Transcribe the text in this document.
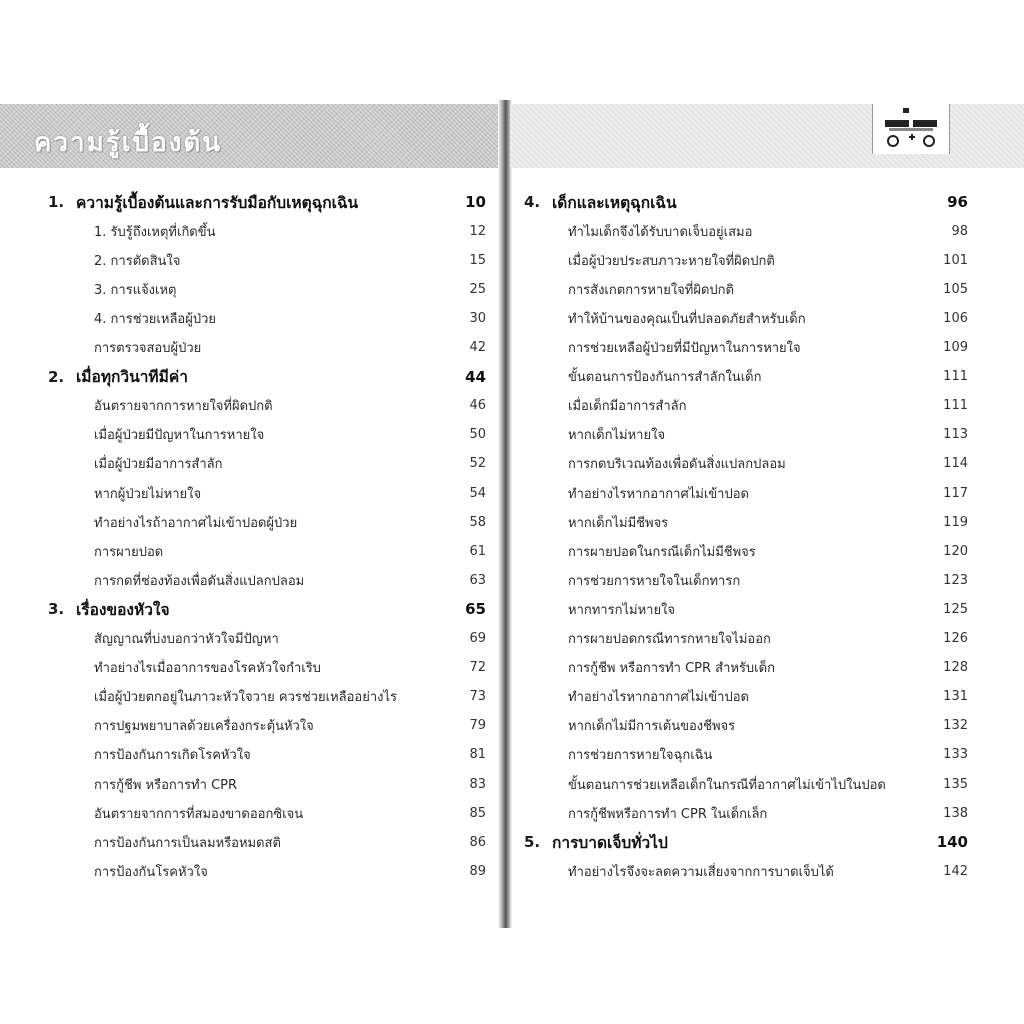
ความรู้เบื้องต้น
1. ความรู้เบื้องต้นและการรับมือกับเหตุฉุกเฉิน	10
1. รับรู้ถึงเหตุที่เกิดขึ้น	12
2. การตัดสินใจ	15
3. การแจ้งเหตุ	25
4. การช่วยเหลือผู้ป่วย	30
การตรวจสอบผู้ป่วย	42
2. เมื่อทุกวินาทีมีค่า	44
อันตรายจากการหายใจที่ผิดปกติ	46
เมื่อผู้ป่วยมีปัญหาในการหายใจ	50
เมื่อผู้ป่วยมีอาการสำลัก	52
หากผู้ป่วยไม่หายใจ	54
ทำอย่างไรถ้าอากาศไม่เข้าปอดผู้ป่วย	58
การผายปอด	61
การกดที่ช่องท้องเพื่อดันสิ่งแปลกปลอม	63
3. เรื่องของหัวใจ	65
สัญญาณที่บ่งบอกว่าหัวใจมีปัญหา	69
ทำอย่างไรเมื่ออาการของโรคหัวใจกำเริบ	72
เมื่อผู้ป่วยตกอยู่ในภาวะหัวใจวาย ควรช่วยเหลืออย่างไร	73
การปฐมพยาบาลด้วยเครื่องกระตุ้นหัวใจ	79
การป้องกันการเกิดโรคหัวใจ	81
การกู้ชีพ หรือการทำ CPR	83
อันตรายจากการที่สมองขาดออกซิเจน	85
การป้องกันการเป็นลมหรือหมดสติ	86
การป้องกันโรคหัวใจ	89
4. เด็กและเหตุฉุกเฉิน	96
ทำไมเด็กจึงได้รับบาดเจ็บอยู่เสมอ	98
เมื่อผู้ป่วยประสบภาวะหายใจที่ผิดปกติ	101
การสังเกตการหายใจที่ผิดปกติ	105
ทำให้บ้านของคุณเป็นที่ปลอดภัยสำหรับเด็ก	106
การช่วยเหลือผู้ป่วยที่มีปัญหาในการหายใจ	109
ขั้นตอนการป้องกันการสำลักในเด็ก	111
เมื่อเด็กมีอาการสำลัก	111
หากเด็กไม่หายใจ	113
การกดบริเวณท้องเพื่อดันสิ่งแปลกปลอม	114
ทำอย่างไรหากอากาศไม่เข้าปอด	117
หากเด็กไม่มีชีพจร	119
การผายปอดในกรณีเด็กไม่มีชีพจร	120
การช่วยการหายใจในเด็กทารก	123
หากทารกไม่หายใจ	125
การผายปอดกรณีทารกหายใจไม่ออก	126
การกู้ชีพ หรือการทำ CPR สำหรับเด็ก	128
ทำอย่างไรหากอากาศไม่เข้าปอด	131
หากเด็กไม่มีการเต้นของชีพจร	132
การช่วยการหายใจฉุกเฉิน	133
ขั้นตอนการช่วยเหลือเด็กในกรณีที่อากาศไม่เข้าไปในปอด	135
การกู้ชีพหรือการทำ CPR ในเด็กเล็ก	138
5. การบาดเจ็บทั่วไป	140
ทำอย่างไรจึงจะลดความเสี่ยงจากการบาดเจ็บได้	142
